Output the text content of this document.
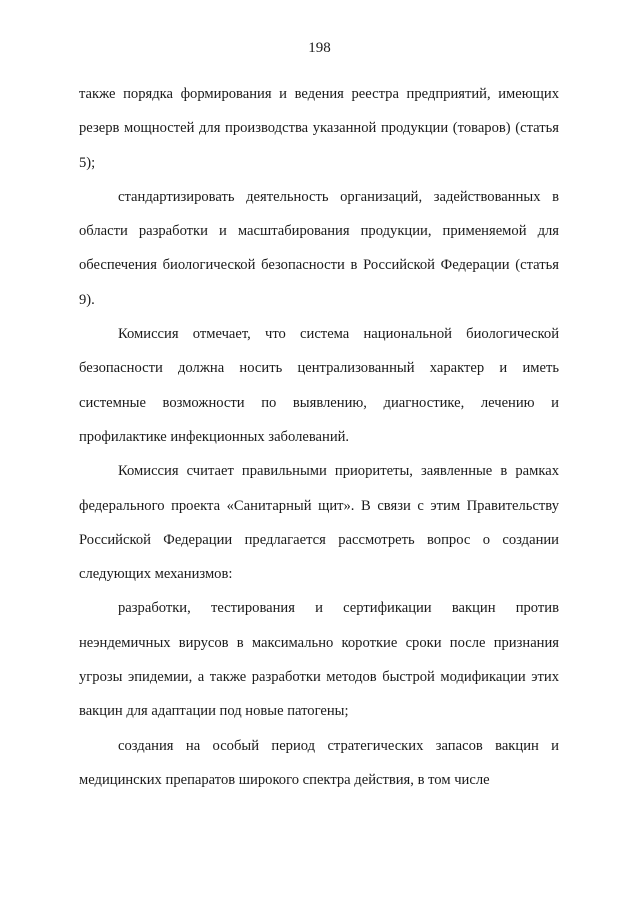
198

также порядка формирования и ведения реестра предприятий, имеющих резерв мощностей для производства указанной продукции (товаров) (статья 5);

стандартизировать деятельность организаций, задействованных в области разработки и масштабирования продукции, применяемой для обеспечения биологической безопасности в Российской Федерации (статья 9).

Комиссия отмечает, что система национальной биологической безопасности должна носить централизованный характер и иметь системные возможности по выявлению, диагностике, лечению и профилактике инфекционных заболеваний.

Комиссия считает правильными приоритеты, заявленные в рамках федерального проекта «Санитарный щит». В связи с этим Правительству Российской Федерации предлагается рассмотреть вопрос о создании следующих механизмов:

разработки, тестирования и сертификации вакцин против неэндемичных вирусов в максимально короткие сроки после признания угрозы эпидемии, а также разработки методов быстрой модификации этих вакцин для адаптации под новые патогены;

создания на особый период стратегических запасов вакцин и медицинских препаратов широкого спектра действия, в том числе
